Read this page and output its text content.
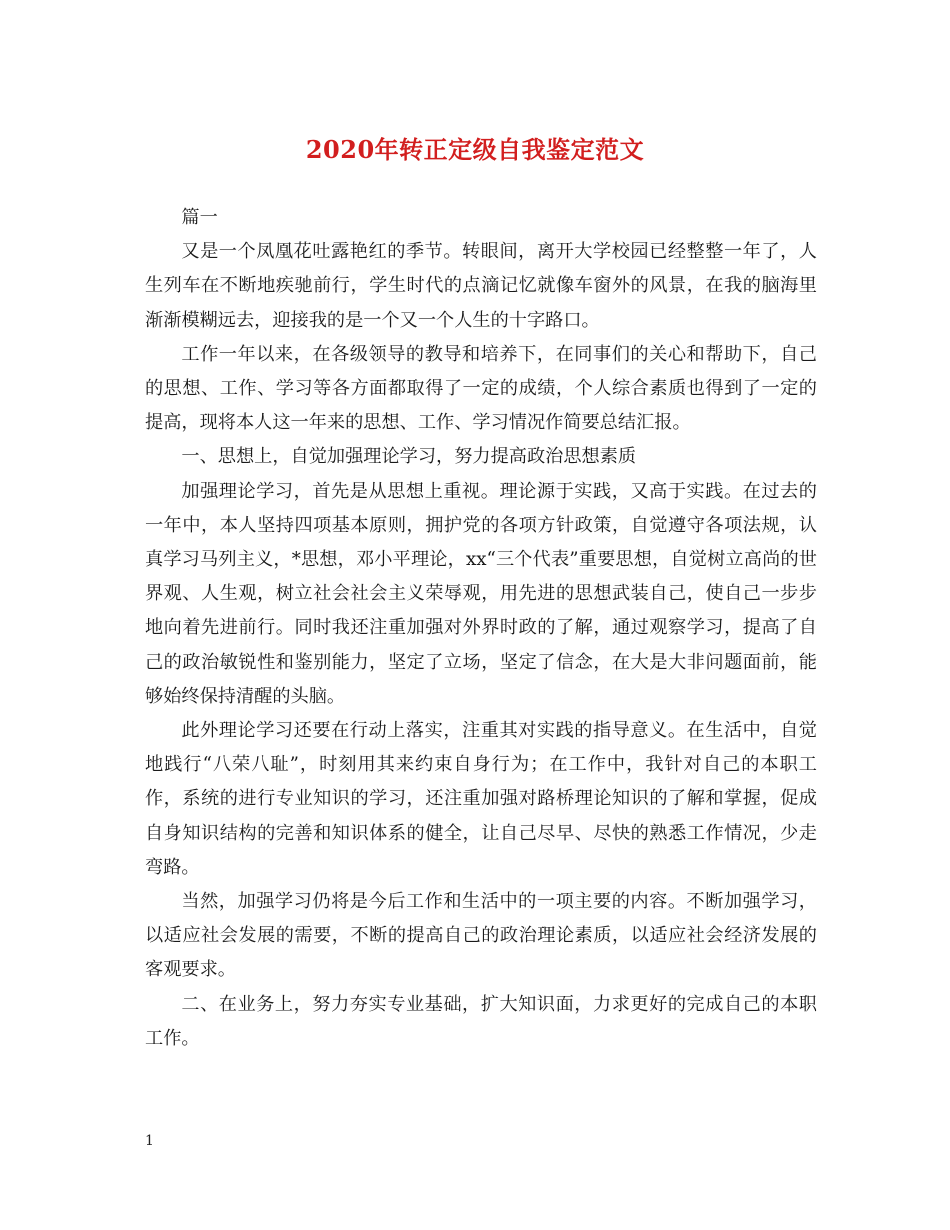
2020年转正定级自我鉴定范文

篇一

又是一个凤凰花吐露艳红的季节。转眼间，离开大学校园已经整整一年了，人生列车在不断地疾驰前行，学生时代的点滴记忆就像车窗外的风景，在我的脑海里渐渐模糊远去，迎接我的是一个又一个人生的十字路口。

工作一年以来，在各级领导的教导和培养下，在同事们的关心和帮助下，自己的思想、工作、学习等各方面都取得了一定的成绩，个人综合素质也得到了一定的提高，现将本人这一年来的思想、工作、学习情况作简要总结汇报。

一、思想上，自觉加强理论学习，努力提高政治思想素质

加强理论学习，首先是从思想上重视。理论源于实践，又高于实践。在过去的一年中，本人坚持四项基本原则，拥护党的各项方针政策，自觉遵守各项法规，认真学习马列主义，*思想，邓小平理论，xx“三个代表”重要思想，自觉树立高尚的世界观、人生观，树立社会社会主义荣辱观，用先进的思想武装自己，使自己一步步地向着先进前行。同时我还注重加强对外界时政的了解，通过观察学习，提高了自己的政治敏锐性和鉴别能力，坚定了立场，坚定了信念，在大是大非问题面前，能够始终保持清醒的头脑。

此外理论学习还要在行动上落实，注重其对实践的指导意义。在生活中，自觉地践行“八荣八耻”，时刻用其来约束自身行为；在工作中，我针对自己的本职工作，系统的进行专业知识的学习，还注重加强对路桥理论知识的了解和掌握，促成自身知识结构的完善和知识体系的健全，让自己尽早、尽快的熟悉工作情况，少走弯路。

当然，加强学习仍将是今后工作和生活中的一项主要的内容。不断加强学习，以适应社会发展的需要，不断的提高自己的政治理论素质，以适应社会经济发展的客观要求。

二、在业务上，努力夯实专业基础，扩大知识面，力求更好的完成自己的本职工作。

1
